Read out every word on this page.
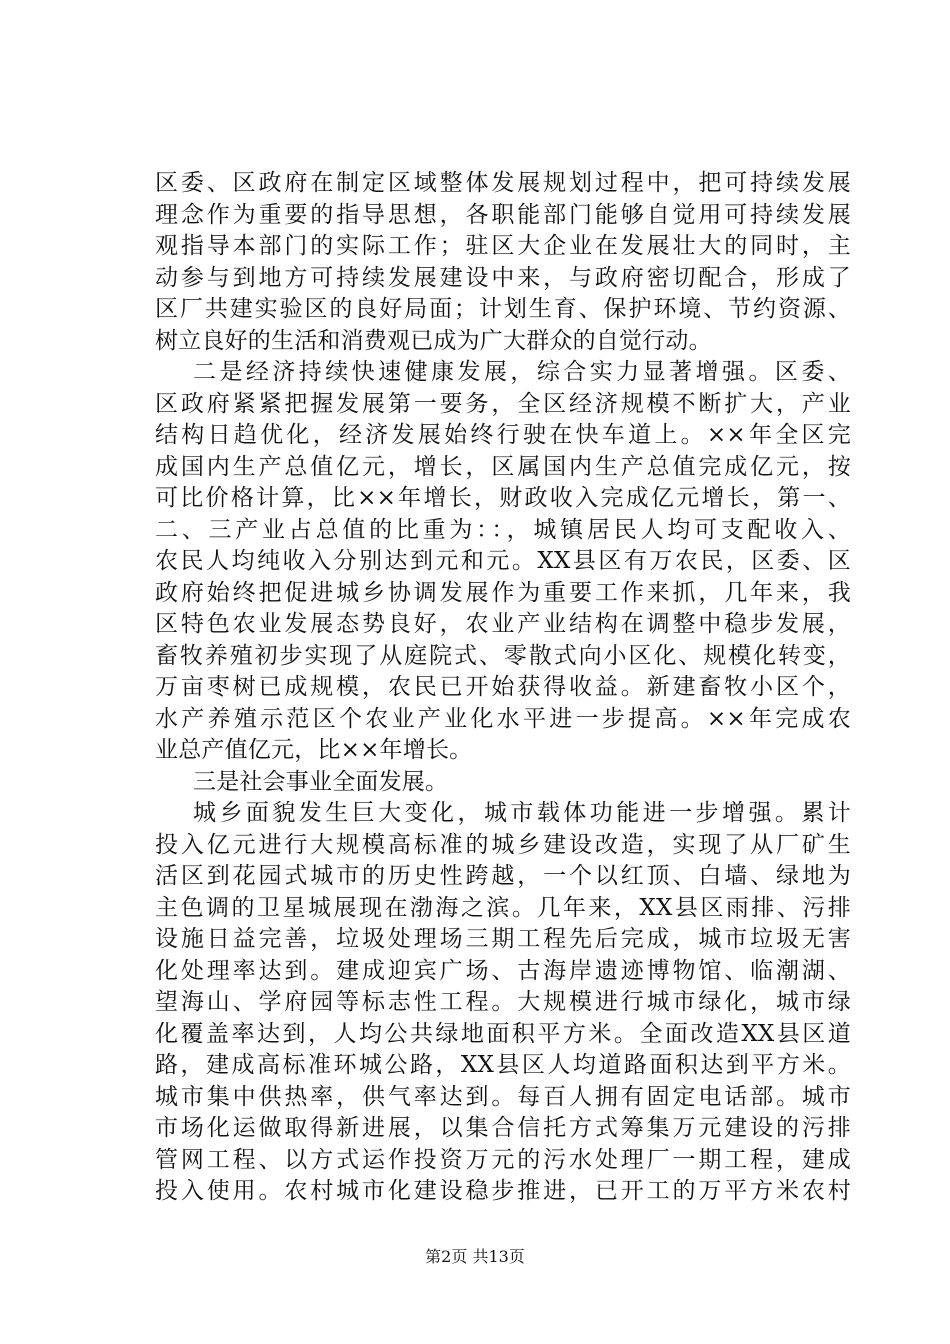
区委、区政府在制定区域整体发展规划过程中，把可持续发展
理念作为重要的指导思想，各职能部门能够自觉用可持续发展
观指导本部门的实际工作；驻区大企业在发展壮大的同时，主
动参与到地方可持续发展建设中来，与政府密切配合，形成了
区厂共建实验区的良好局面；计划生育、保护环境、节约资源、
树立良好的生活和消费观已成为广大群众的自觉行动。
二是经济持续快速健康发展，综合实力显著增强。区委、
区政府紧紧把握发展第一要务，全区经济规模不断扩大，产业
结构日趋优化，经济发展始终行驶在快车道上。××年全区完
成国内生产总值亿元，增长，区属国内生产总值完成亿元，按
可比价格计算，比××年增长，财政收入完成亿元增长，第一、
二、三产业占总值的比重为：：，城镇居民人均可支配收入、
农民人均纯收入分别达到元和元。XX县区有万农民，区委、区
政府始终把促进城乡协调发展作为重要工作来抓，几年来，我
区特色农业发展态势良好，农业产业结构在调整中稳步发展，
畜牧养殖初步实现了从庭院式、零散式向小区化、规模化转变，
万亩枣树已成规模，农民已开始获得收益。新建畜牧小区个，
水产养殖示范区个农业产业化水平进一步提高。××年完成农
业总产值亿元，比××年增长。
三是社会事业全面发展。
城乡面貌发生巨大变化，城市载体功能进一步增强。累计
投入亿元进行大规模高标准的城乡建设改造，实现了从厂矿生
活区到花园式城市的历史性跨越，一个以红顶、白墙、绿地为
主色调的卫星城展现在渤海之滨。几年来，XX县区雨排、污排
设施日益完善，垃圾处理场三期工程先后完成，城市垃圾无害
化处理率达到。建成迎宾广场、古海岸遗迹博物馆、临潮湖、
望海山、学府园等标志性工程。大规模进行城市绿化，城市绿
化覆盖率达到，人均公共绿地面积平方米。全面改造XX县区道
路，建成高标准环城公路，XX县区人均道路面积达到平方米。
城市集中供热率，供气率达到。每百人拥有固定电话部。城市
市场化运做取得新进展，以集合信托方式筹集万元建设的污排
管网工程、以方式运作投资万元的污水处理厂一期工程，建成
投入使用。农村城市化建设稳步推进，已开工的万平方米农村
第2页 共13页
